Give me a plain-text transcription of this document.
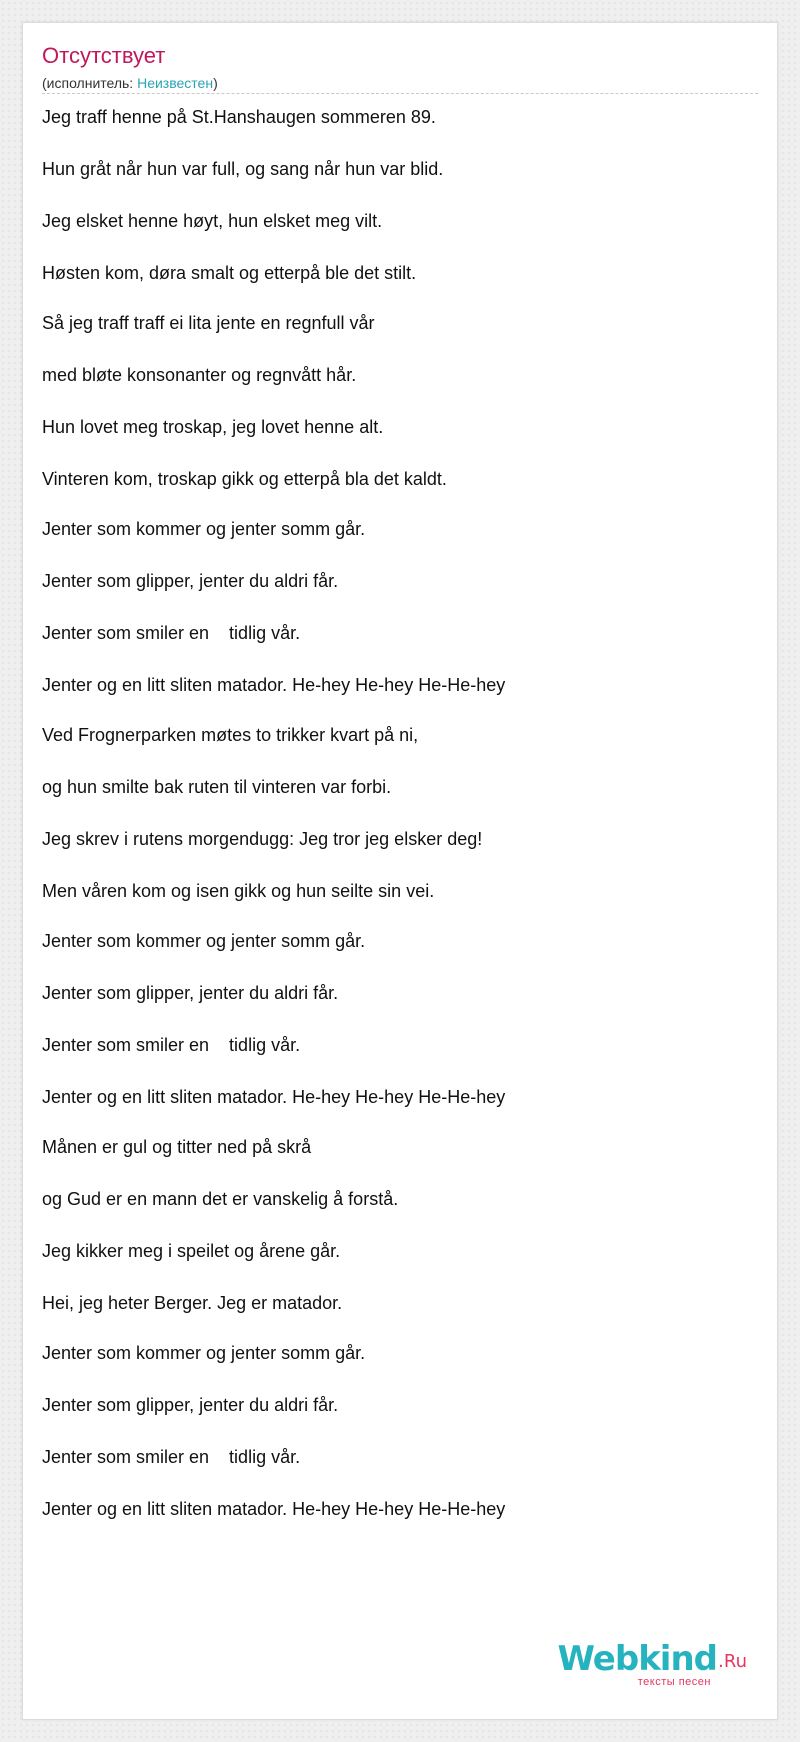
Отсутствует
(исполнитель: Неизвестен)
Jeg traff henne på St.Hanshaugen sommeren 89.
Hun gråt når hun var full, og sang når hun var blid.
Jeg elsket henne høyt, hun elsket meg vilt.
Høsten kom, døra smalt og etterpå ble det stilt.
Så jeg traff traff ei lita jente en regnfull vår
med bløte konsonanter og regnvått hår.
Hun lovet meg troskap, jeg lovet henne alt.
Vinteren kom, troskap gikk og etterpå bla det kaldt.
Jenter som kommer og jenter somm går.
Jenter som glipper, jenter du aldri får.
Jenter som smiler en    tidlig vår.
Jenter og en litt sliten matador. He-hey He-hey He-He-hey
Ved Frognerparken møtes to trikker kvart på ni,
og hun smilte bak ruten til vinteren var forbi.
Jeg skrev i rutens morgendugg: Jeg tror jeg elsker deg!
Men våren kom og isen gikk og hun seilte sin vei.
Jenter som kommer og jenter somm går.
Jenter som glipper, jenter du aldri får.
Jenter som smiler en    tidlig vår.
Jenter og en litt sliten matador. He-hey He-hey He-He-hey
Månen er gul og titter ned på skrå
og Gud er en mann det er vanskelig å forstå.
Jeg kikker meg i speilet og årene går.
Hei, jeg heter Berger. Jeg er matador.
Jenter som kommer og jenter somm går.
Jenter som glipper, jenter du aldri får.
Jenter som smiler en    tidlig vår.
Jenter og en litt sliten matador. He-hey He-hey He-He-hey
Webkind .Ru
тексты песен
